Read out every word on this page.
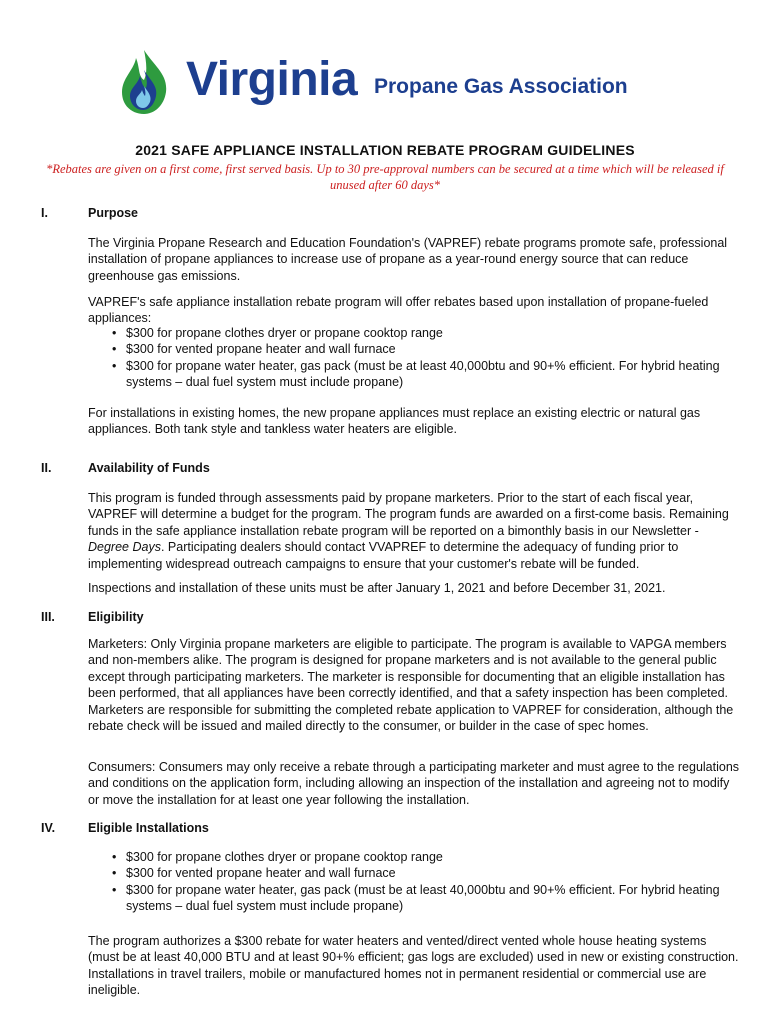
Virginia Propane Gas Association
2021 SAFE APPLIANCE INSTALLATION REBATE PROGRAM GUIDELINES
*Rebates are given on a first come, first served basis. Up to 30 pre-approval numbers can be secured at a time which will be released if unused after 60 days*
I.	Purpose
The Virginia Propane Research and Education Foundation's (VAPREF) rebate programs promote safe, professional installation of propane appliances to increase use of propane as a year-round energy source that can reduce greenhouse gas emissions.
VAPREF's safe appliance installation rebate program will offer rebates based upon installation of propane-fueled appliances:
• $300 for propane clothes dryer or propane cooktop range
• $300 for vented propane heater and wall furnace
• $300 for propane water heater, gas pack (must be at least 40,000btu and 90+% efficient. For hybrid heating systems – dual fuel system must include propane)
For installations in existing homes, the new propane appliances must replace an existing electric or natural gas appliances. Both tank style and tankless water heaters are eligible.
II.	Availability of Funds
This program is funded through assessments paid by propane marketers. Prior to the start of each fiscal year, VAPREF will determine a budget for the program. The program funds are awarded on a first-come basis. Remaining funds in the safe appliance installation rebate program will be reported on a bimonthly basis in our Newsletter - Degree Days. Participating dealers should contact VVAPREF to determine the adequacy of funding prior to implementing widespread outreach campaigns to ensure that your customer's rebate will be funded.
Inspections and installation of these units must be after January 1, 2021 and before December 31, 2021.
III.	Eligibility
Marketers: Only Virginia propane marketers are eligible to participate. The program is available to VAPGA members and non-members alike. The program is designed for propane marketers and is not available to the general public except through participating marketers. The marketer is responsible for documenting that an eligible installation has been performed, that all appliances have been correctly identified, and that a safety inspection has been completed. Marketers are responsible for submitting the completed rebate application to VAPREF for consideration, although the rebate check will be issued and mailed directly to the consumer, or builder in the case of spec homes.
Consumers: Consumers may only receive a rebate through a participating marketer and must agree to the regulations and conditions on the application form, including allowing an inspection of the installation and agreeing not to modify or move the installation for at least one year following the installation.
IV.	Eligible Installations
• $300 for propane clothes dryer or propane cooktop range
• $300 for vented propane heater and wall furnace
• $300 for propane water heater, gas pack (must be at least 40,000btu and 90+% efficient. For hybrid heating systems – dual fuel system must include propane)
The program authorizes a $300 rebate for water heaters and vented/direct vented whole house heating systems (must be at least 40,000 BTU and at least 90+% efficient; gas logs are excluded) used in new or existing construction. Installations in travel trailers, mobile or manufactured homes not in permanent residential or commercial use are ineligible.
